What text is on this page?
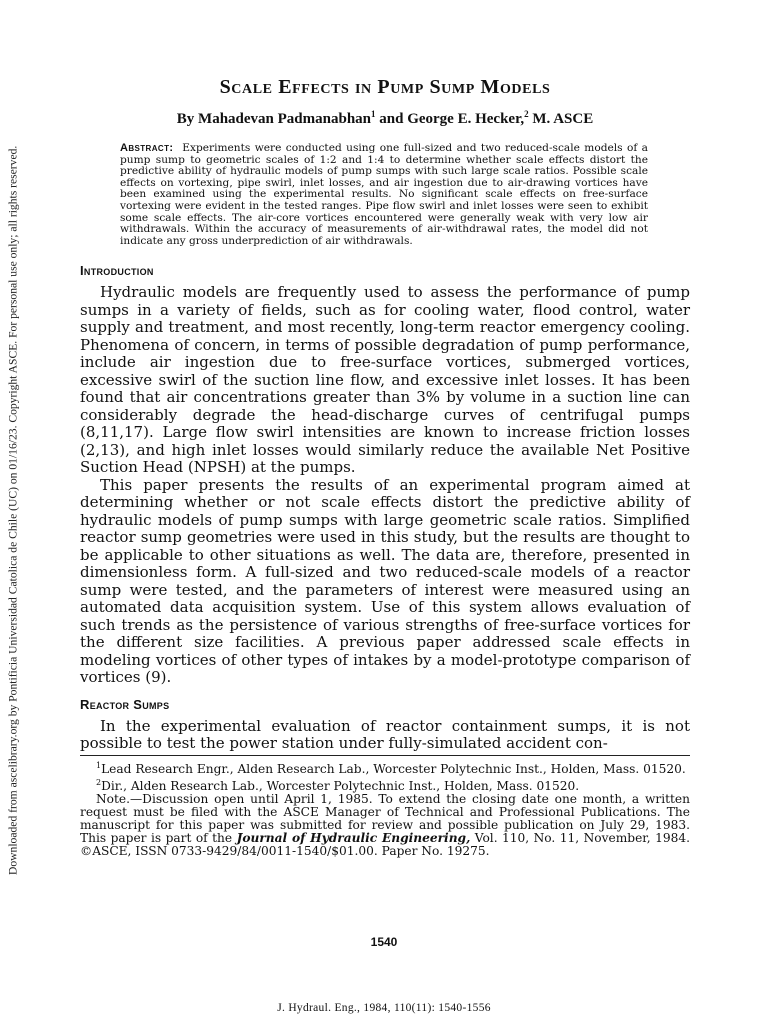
Downloaded from ascelibrary.org by Pontificia Universidad Catolica de Chile (UC) on 01/16/23. Copyright ASCE. For personal use only; all rights reserved.
Scale Effects in Pump Sump Models
By Mahadevan Padmanabhan$^1$ and George E. Hecker,$^2$ M. ASCE

Abstract: Experiments were conducted using one full-sized and two reduced-scale models of a pump sump to geometric scales of 1:2 and 1:4 to determine whether scale effects distort the predictive ability of hydraulic models of pump sumps with such large scale ratios. Possible scale effects on vortexing, pipe swirl, inlet losses, and air ingestion due to air-drawing vortices have been examined using the experimental results. No significant scale effects on free-surface vortexing were evident in the tested ranges. Pipe flow swirl and inlet losses were seen to exhibit some scale effects. The air-core vortices encountered were generally weak with very low air withdrawals. Within the accuracy of measurements of air-withdrawal rates, the model did not indicate any gross underprediction of air withdrawals.

Introduction

Hydraulic models are frequently used to assess the performance of pump sumps in a variety of fields, such as for cooling water, flood control, water supply and treatment, and most recently, long-term reactor emergency cooling. Phenomena of concern, in terms of possible degradation of pump performance, include air ingestion due to free-surface vortices, submerged vortices, excessive swirl of the suction line flow, and excessive inlet losses. It has been found that air concentrations greater than 3% by volume in a suction line can considerably degrade the head-discharge curves of centrifugal pumps (8,11,17). Large flow swirl intensities are known to increase friction losses (2,13), and high inlet losses would similarly reduce the available Net Positive Suction Head (NPSH) at the pumps.

This paper presents the results of an experimental program aimed at determining whether or not scale effects distort the predictive ability of hydraulic models of pump sumps with large geometric scale ratios. Simplified reactor sump geometries were used in this study, but the results are thought to be applicable to other situations as well. The data are, therefore, presented in dimensionless form. A full-sized and two reduced-scale models of a reactor sump were tested, and the parameters of interest were measured using an automated data acquisition system. Use of this system allows evaluation of such trends as the persistence of various strengths of free-surface vortices for the different size facilities. A previous paper addressed scale effects in modeling vortices of other types of intakes by a model-prototype comparison of vortices (9).

Reactor Sumps

In the experimental evaluation of reactor containment sumps, it is not possible to test the power station under fully-simulated accident con-

$^1$Lead Research Engr., Alden Research Lab., Worcester Polytechnic Inst., Holden, Mass. 01520.

$^2$Dir., Alden Research Lab., Worcester Polytechnic Inst., Holden, Mass. 01520.

Note.—Discussion open until April 1, 1985. To extend the closing date one month, a written request must be filed with the ASCE Manager of Technical and Professional Publications. The manuscript for this paper was submitted for review and possible publication on July 29, 1983. This paper is part of the Journal of Hydraulic Engineering, Vol. 110, No. 11, November, 1984. ©ASCE, ISSN 0733-9429/84/0011-1540/$01.00. Paper No. 19275.

1540
J. Hydraul. Eng., 1984, 110(11): 1540-1556
